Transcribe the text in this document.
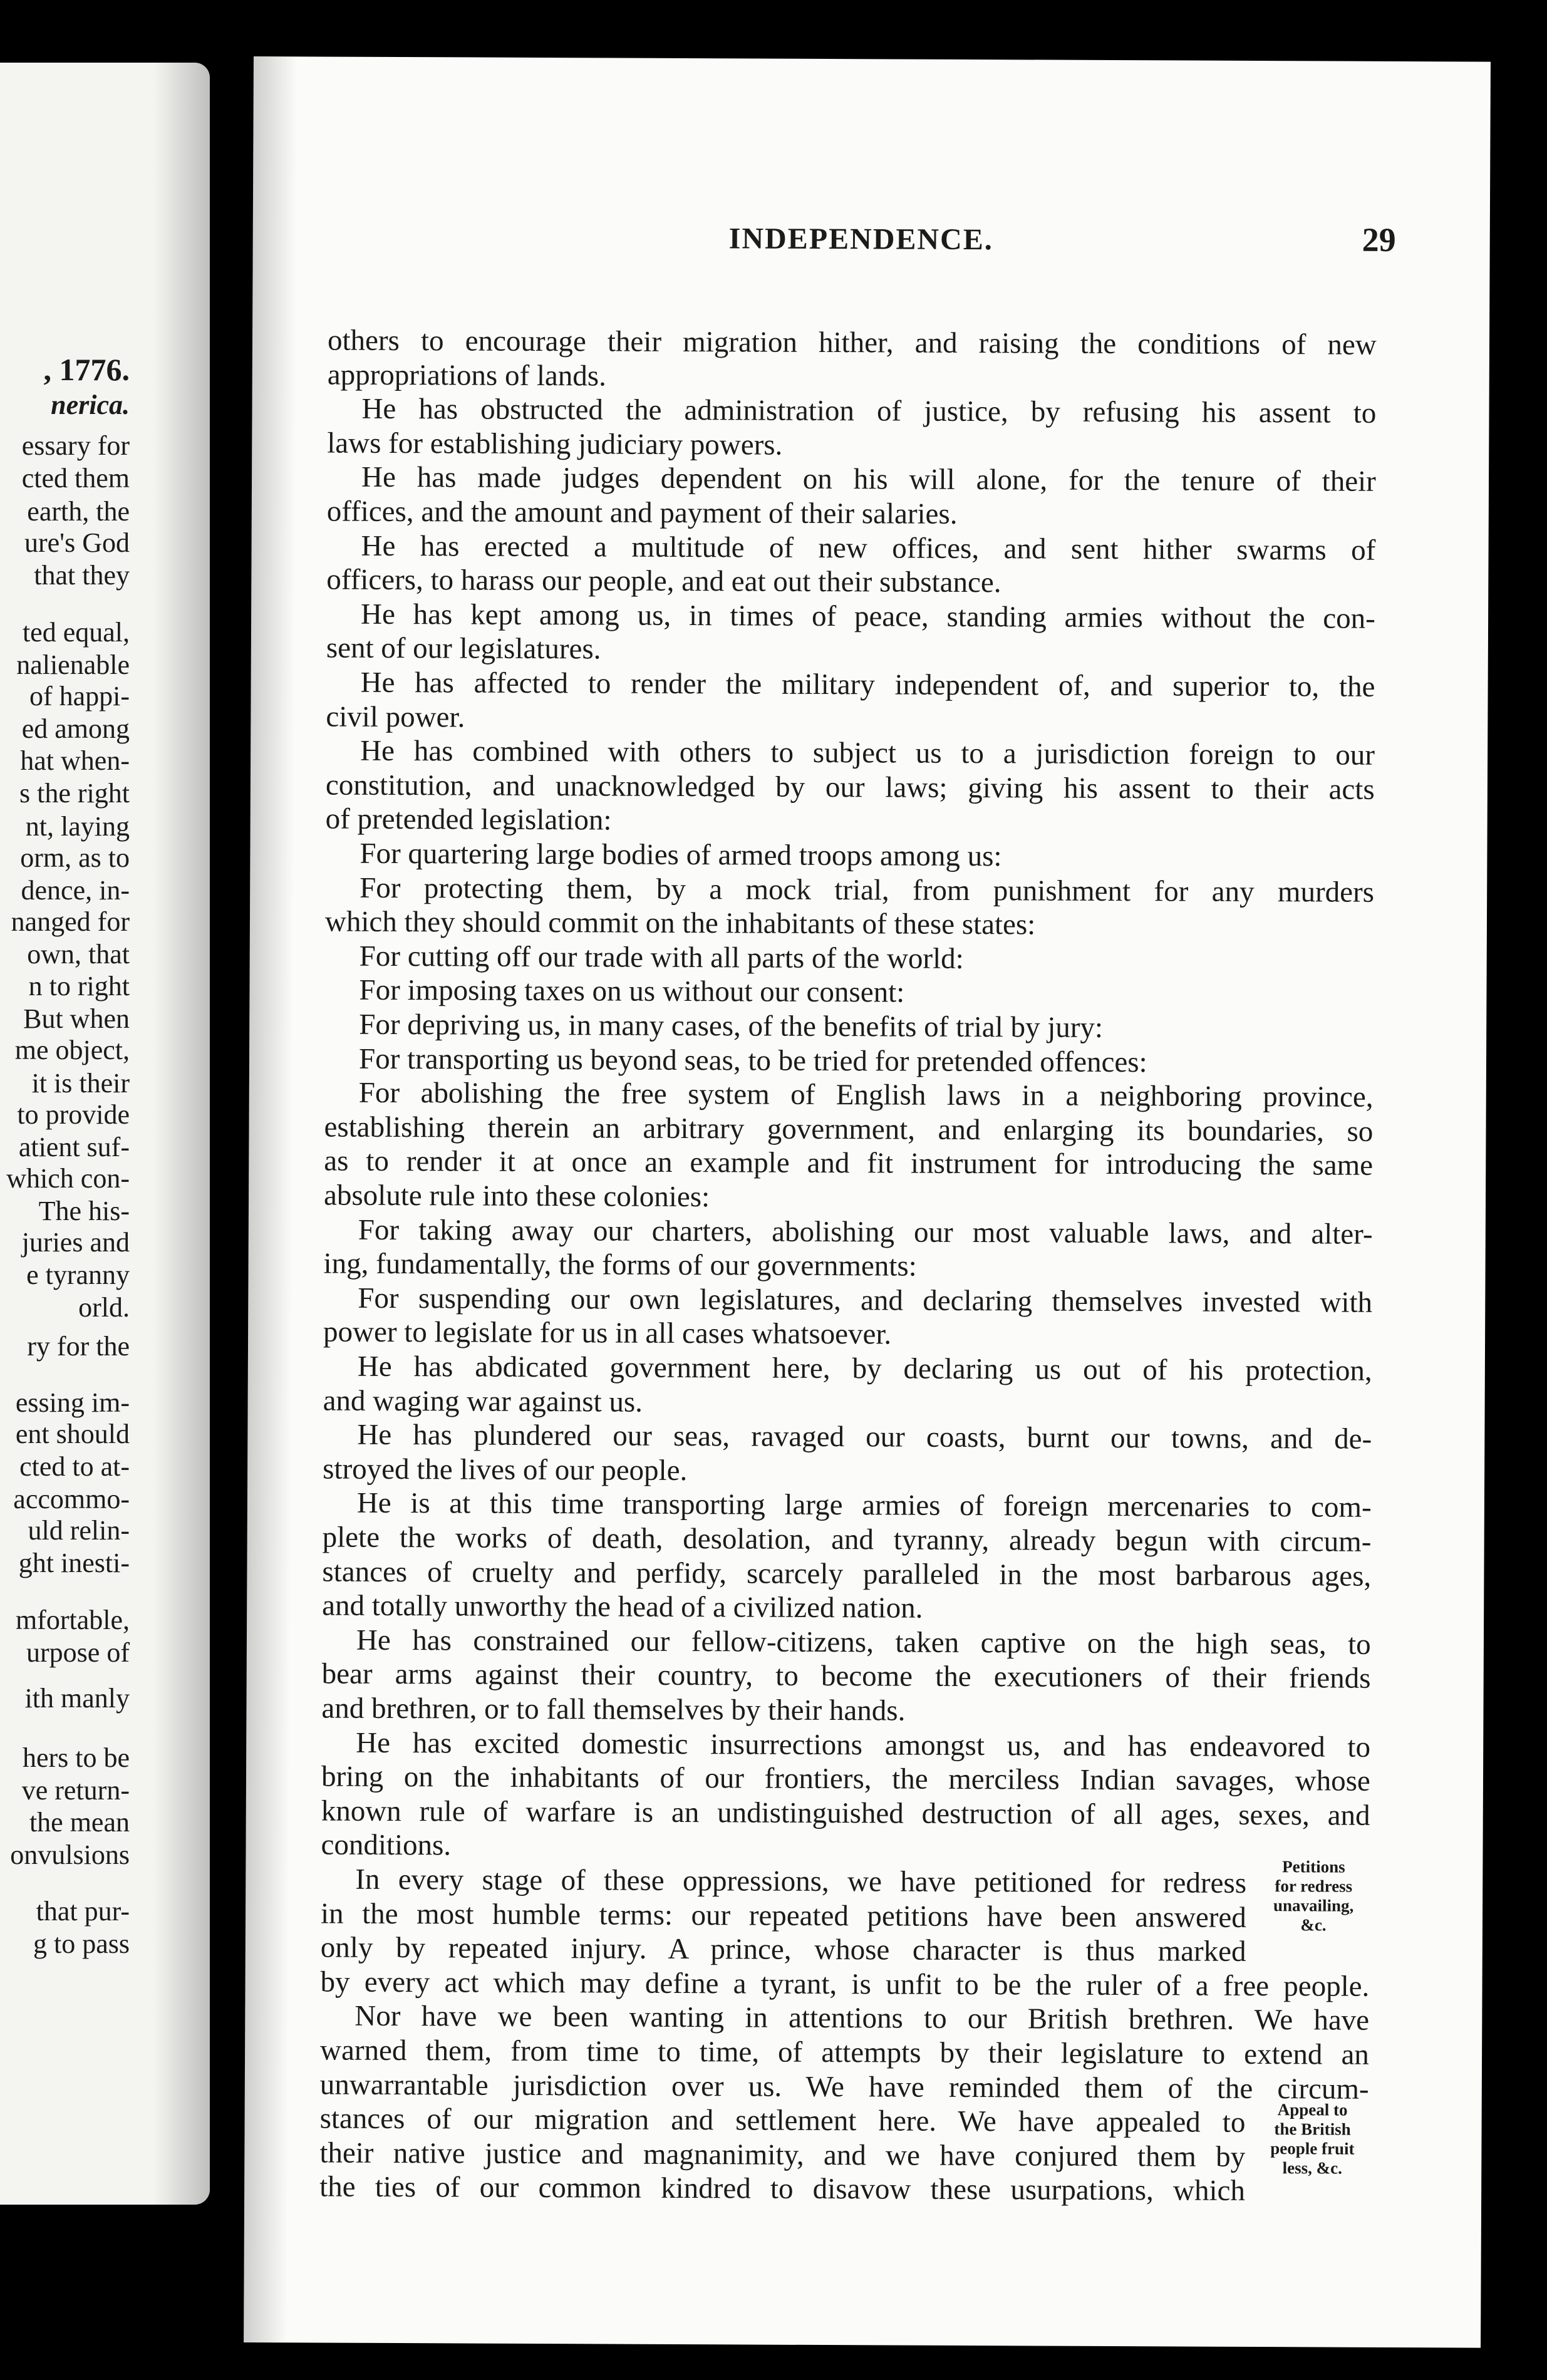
, 1776.
nerica.
essary for
cted them
earth, the
ure's God
that they
ted equal,
nalienable
of happi-
ed among
hat when-
s the right
nt, laying
orm, as to
dence, in-
nanged for
own, that
n to right
But when
me object,
it is their
to provide
atient suf-
which con-
The his-
juries and
e tyranny
orld.
ry for the
essing im-
ent should
cted to at-
accommo-
uld relin-
ght inesti-
mfortable,
urpose of
ith manly
hers to be
ve return-
the mean
onvulsions
that pur-
g to pass
INDEPENDENCE.	29
others to encourage their migration hither, and raising the conditions of new
appropriations of lands.
He has obstructed the administration of justice, by refusing his assent to
laws for establishing judiciary powers.
He has made judges dependent on his will alone, for the tenure of their
offices, and the amount and payment of their salaries.
He has erected a multitude of new offices, and sent hither swarms of
officers, to harass our people, and eat out their substance.
He has kept among us, in times of peace, standing armies without the con-
sent of our legislatures.
He has affected to render the military independent of, and superior to, the
civil power.
He has combined with others to subject us to a jurisdiction foreign to our
constitution, and unacknowledged by our laws; giving his assent to their acts
of pretended legislation:
For quartering large bodies of armed troops among us:
For protecting them, by a mock trial, from punishment for any murders
which they should commit on the inhabitants of these states:
For cutting off our trade with all parts of the world:
For imposing taxes on us without our consent:
For depriving us, in many cases, of the benefits of trial by jury:
For transporting us beyond seas, to be tried for pretended offences:
For abolishing the free system of English laws in a neighboring province,
establishing therein an arbitrary government, and enlarging its boundaries, so
as to render it at once an example and fit instrument for introducing the same
absolute rule into these colonies:
For taking away our charters, abolishing our most valuable laws, and alter-
ing, fundamentally, the forms of our governments:
For suspending our own legislatures, and declaring themselves invested with
power to legislate for us in all cases whatsoever.
He has abdicated government here, by declaring us out of his protection,
and waging war against us.
He has plundered our seas, ravaged our coasts, burnt our towns, and de-
stroyed the lives of our people.
He is at this time transporting large armies of foreign mercenaries to com-
plete the works of death, desolation, and tyranny, already begun with circum-
stances of cruelty and perfidy, scarcely paralleled in the most barbarous ages,
and totally unworthy the head of a civilized nation.
He has constrained our fellow-citizens, taken captive on the high seas, to
bear arms against their country, to become the executioners of their friends
and brethren, or to fall themselves by their hands.
He has excited domestic insurrections amongst us, and has endeavored to
bring on the inhabitants of our frontiers, the merciless Indian savages, whose
known rule of warfare is an undistinguished destruction of all ages, sexes, and
conditions.
In every stage of these oppressions, we have petitioned for redress
in the most humble terms: our repeated petitions have been answered
only by repeated injury. A prince, whose character is thus marked
by every act which may define a tyrant, is unfit to be the ruler of a free people.
Nor have we been wanting in attentions to our British brethren. We have
warned them, from time to time, of attempts by their legislature to extend an
unwarrantable jurisdiction over us. We have reminded them of the circum-
stances of our migration and settlement here. We have appealed to
their native justice and magnanimity, and we have conjured them by
the ties of our common kindred to disavow these usurpations, which
Petitions
for redress
unavailing,
&c.
Appeal to
the British
people fruit
less, &c.
